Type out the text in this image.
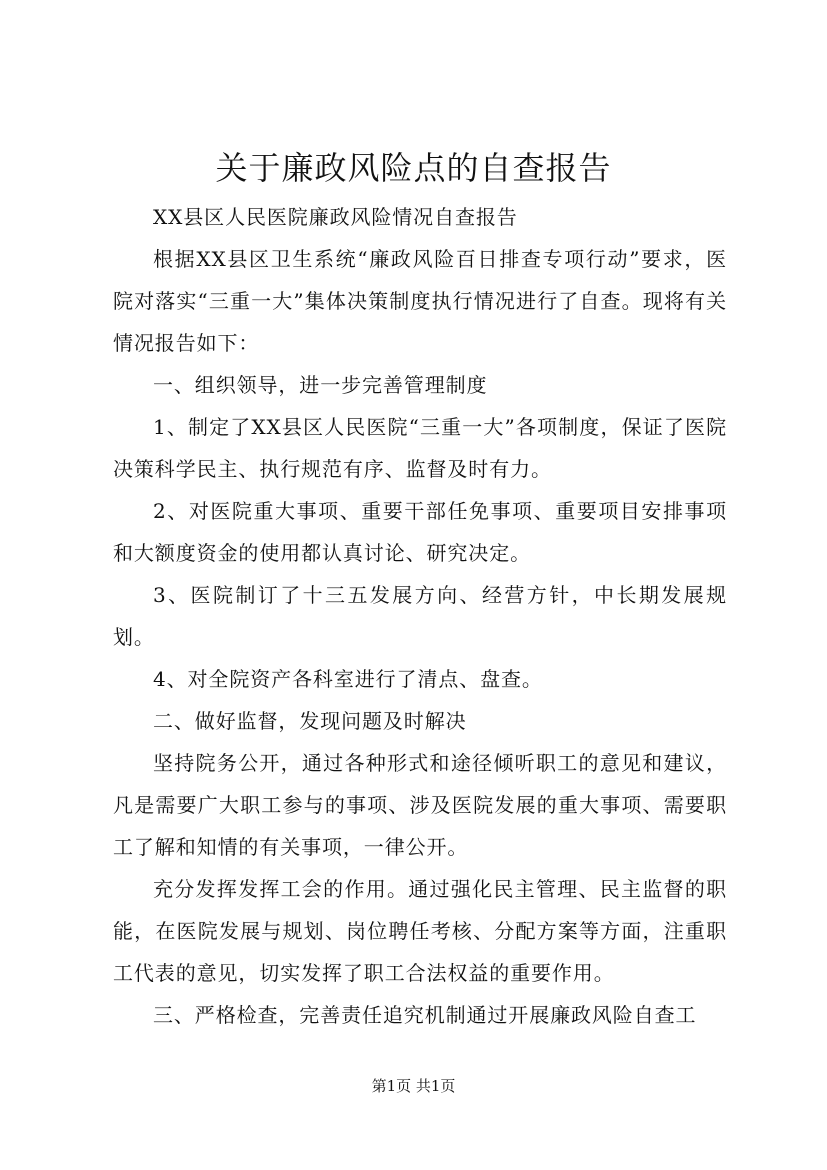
关于廉政风险点的自查报告

XX县区人民医院廉政风险情况自查报告

根据XX县区卫生系统“廉政风险百日排查专项行动”要求，医院对落实“三重一大”集体决策制度执行情况进行了自查。现将有关情况报告如下：

一、组织领导，进一步完善管理制度

1、制定了XX县区人民医院“三重一大”各项制度，保证了医院决策科学民主、执行规范有序、监督及时有力。

2、对医院重大事项、重要干部任免事项、重要项目安排事项和大额度资金的使用都认真讨论、研究决定。

3、医院制订了十三五发展方向、经营方针，中长期发展规划。

4、对全院资产各科室进行了清点、盘查。

二、做好监督，发现问题及时解决

坚持院务公开，通过各种形式和途径倾听职工的意见和建议，凡是需要广大职工参与的事项、涉及医院发展的重大事项、需要职工了解和知情的有关事项，一律公开。

充分发挥发挥工会的作用。通过强化民主管理、民主监督的职能，在医院发展与规划、岗位聘任考核、分配方案等方面，注重职工代表的意见，切实发挥了职工合法权益的重要作用。

三、严格检查，完善责任追究机制通过开展廉政风险自查工

第1页 共1页
